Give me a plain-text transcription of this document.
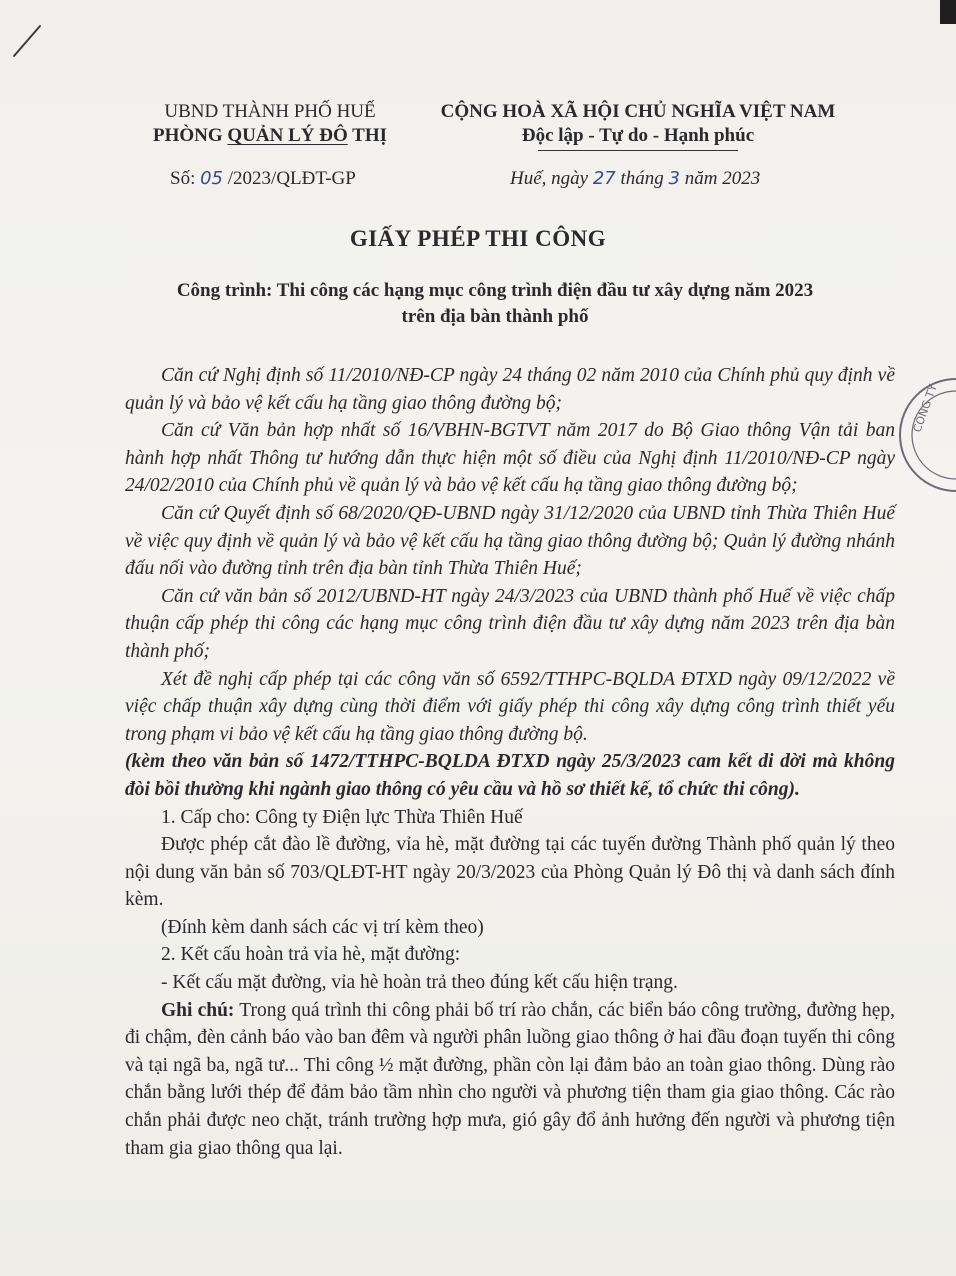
UBND THÀNH PHỐ HUẾ
PHÒNG QUẢN LÝ ĐÔ THỊ
CỘNG HOÀ XÃ HỘI CHỦ NGHĨA VIỆT NAM
Độc lập - Tự do - Hạnh phúc
Số: 05 /2023/QLĐT-GP	Huế, ngày 27 tháng 3 năm 2023
GIẤY PHÉP THI CÔNG
Công trình: Thi công các hạng mục công trình điện đầu tư xây dựng năm 2023
trên địa bàn thành phố

Căn cứ Nghị định số 11/2010/NĐ-CP ngày 24 tháng 02 năm 2010 của Chính phủ quy định về quản lý và bảo vệ kết cấu hạ tầng giao thông đường bộ;

Căn cứ Văn bản hợp nhất số 16/VBHN-BGTVT năm 2017 do Bộ Giao thông Vận tải ban hành hợp nhất Thông tư hướng dẫn thực hiện một số điều của Nghị định 11/2010/NĐ-CP ngày 24/02/2010 của Chính phủ về quản lý và bảo vệ kết cấu hạ tầng giao thông đường bộ;

Căn cứ Quyết định số 68/2020/QĐ-UBND ngày 31/12/2020 của UBND tỉnh Thừa Thiên Huế về việc quy định về quản lý và bảo vệ kết cấu hạ tầng giao thông đường bộ; Quản lý đường nhánh đấu nối vào đường tỉnh trên địa bàn tỉnh Thừa Thiên Huế;

Căn cứ văn bản số 2012/UBND-HT ngày 24/3/2023 của UBND thành phố Huế về việc chấp thuận cấp phép thi công các hạng mục công trình điện đầu tư xây dựng năm 2023 trên địa bàn thành phố;

Xét đề nghị cấp phép tại các công văn số 6592/TTHPC-BQLDA ĐTXD ngày 09/12/2022 về việc chấp thuận xây dựng cùng thời điểm với giấy phép thi công xây dựng công trình thiết yếu trong phạm vi bảo vệ kết cấu hạ tầng giao thông đường bộ.

(kèm theo văn bản số 1472/TTHPC-BQLDA ĐTXD ngày 25/3/2023 cam kết di dời mà không đòi bồi thường khi ngành giao thông có yêu cầu và hồ sơ thiết kế, tổ chức thi công).

1. Cấp cho: Công ty Điện lực Thừa Thiên Huế

Được phép cắt đào lề đường, vỉa hè, mặt đường tại các tuyến đường Thành phố quản lý theo nội dung văn bản số 703/QLĐT-HT ngày 20/3/2023 của Phòng Quản lý Đô thị và danh sách đính kèm.

(Đính kèm danh sách các vị trí kèm theo)

2. Kết cấu hoàn trả vỉa hè, mặt đường:

- Kết cấu mặt đường, vỉa hè hoàn trả theo đúng kết cấu hiện trạng.

Ghi chú: Trong quá trình thi công phải bố trí rào chắn, các biển báo công trường, đường hẹp, đi chậm, đèn cảnh báo vào ban đêm và người phân luồng giao thông ở hai đầu đoạn tuyến thi công và tại ngã ba, ngã tư... Thi công ½ mặt đường, phần còn lại đảm bảo an toàn giao thông. Dùng rào chắn bằng lưới thép để đảm bảo tầm nhìn cho người và phương tiện tham gia giao thông. Các rào chắn phải được neo chặt, tránh trường hợp mưa, gió gây đổ ảnh hưởng đến người và phương tiện tham gia giao thông qua lại.

CÔNG TY
